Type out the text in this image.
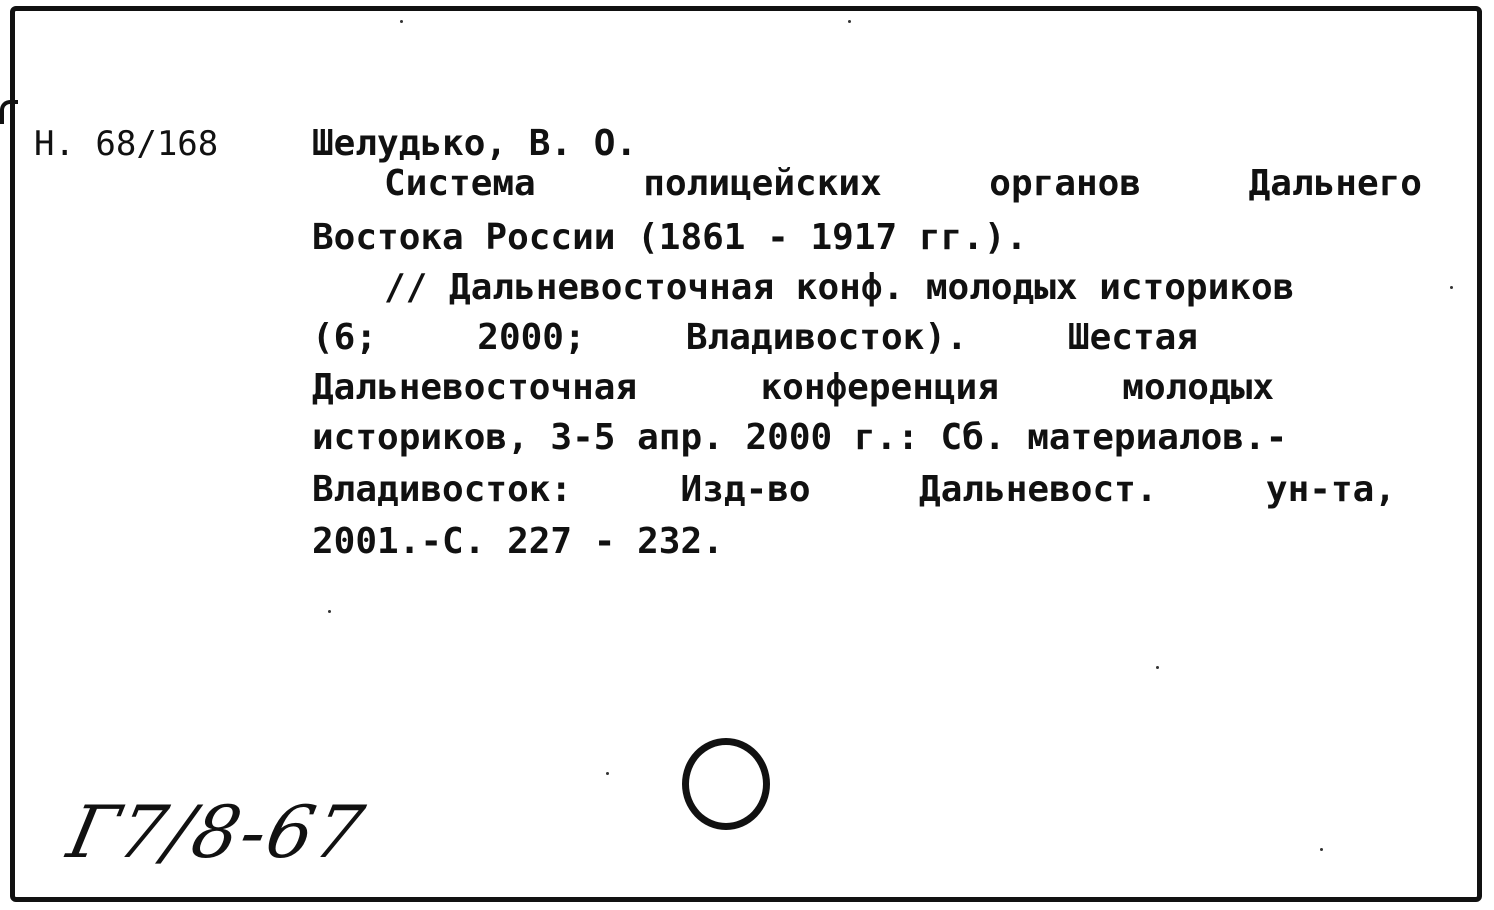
Н. 68/168	Шелудько, В. О.
Система	полицейских	органов	Дальнего
Востока России (1861 - 1917 гг.).
// Дальневосточная конф. молодых историков
(6;	2000;	Владивосток).	Шестая
Дальневосточная	конференция	молодых
историков, 3-5 апр. 2000 г.: Сб. материалов.-
Владивосток:	Изд-во	Дальневост.	ун-та,
2001.-С. 227 - 232.
Г7/8-67
